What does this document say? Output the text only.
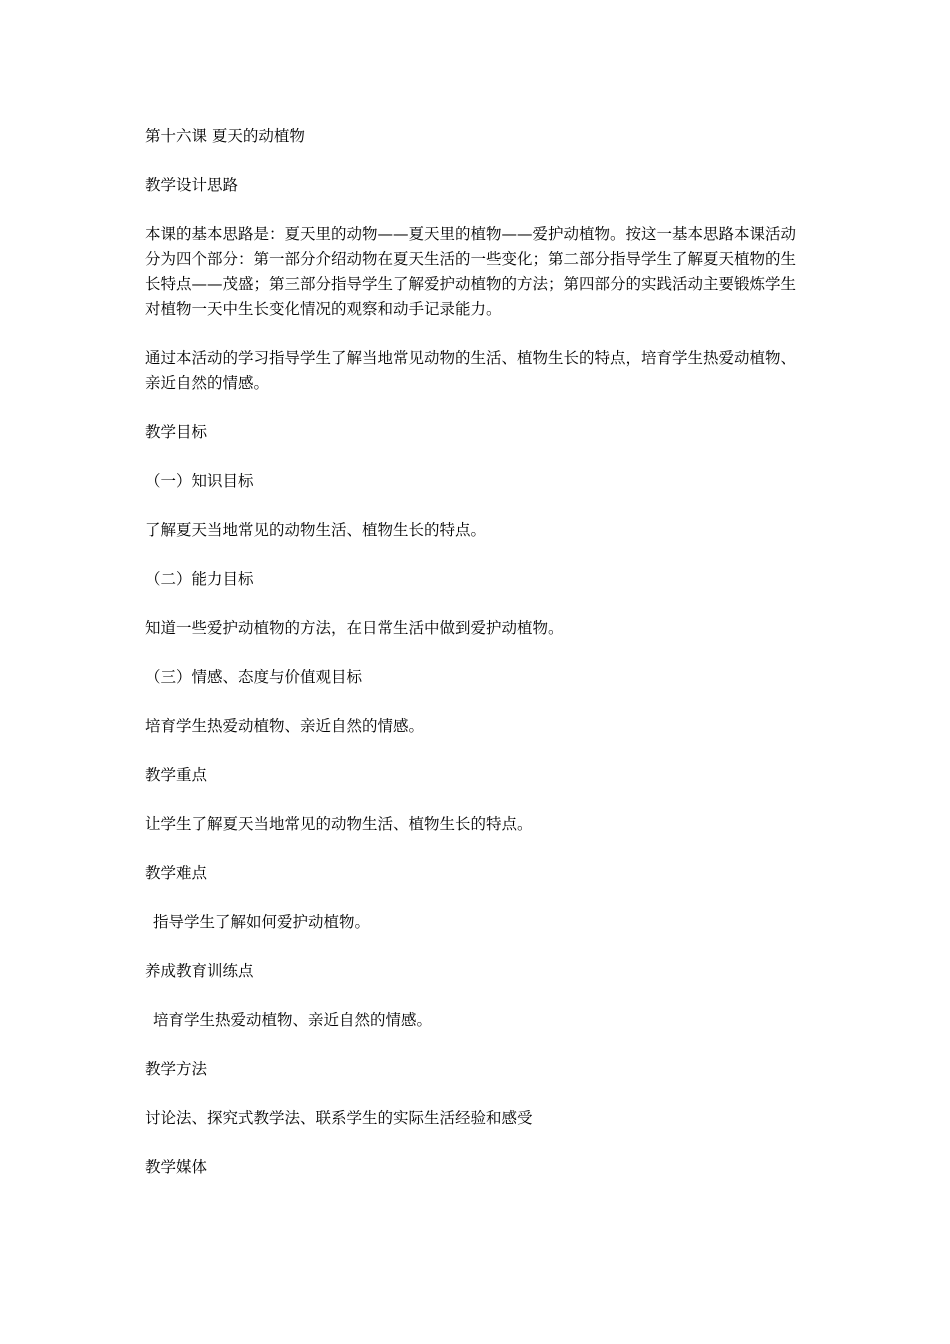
第十六课 夏天的动植物

教学设计思路

本课的基本思路是：夏天里的动物——夏天里的植物——爱护动植物。按这一基本思路本课活动分为四个部分：第一部分介绍动物在夏天生活的一些变化；第二部分指导学生了解夏天植物的生长特点——茂盛；第三部分指导学生了解爱护动植物的方法；第四部分的实践活动主要锻炼学生对植物一天中生长变化情况的观察和动手记录能力。

通过本活动的学习指导学生了解当地常见动物的生活、植物生长的特点，培育学生热爱动植物、亲近自然的情感。

教学目标

（一）知识目标

了解夏天当地常见的动物生活、植物生长的特点。

（二）能力目标

知道一些爱护动植物的方法，在日常生活中做到爱护动植物。

（三）情感、态度与价值观目标

培育学生热爱动植物、亲近自然的情感。

教学重点

让学生了解夏天当地常见的动物生活、植物生长的特点。

教学难点

指导学生了解如何爱护动植物。

养成教育训练点

培育学生热爱动植物、亲近自然的情感。

教学方法

讨论法、探究式教学法、联系学生的实际生活经验和感受

教学媒体
